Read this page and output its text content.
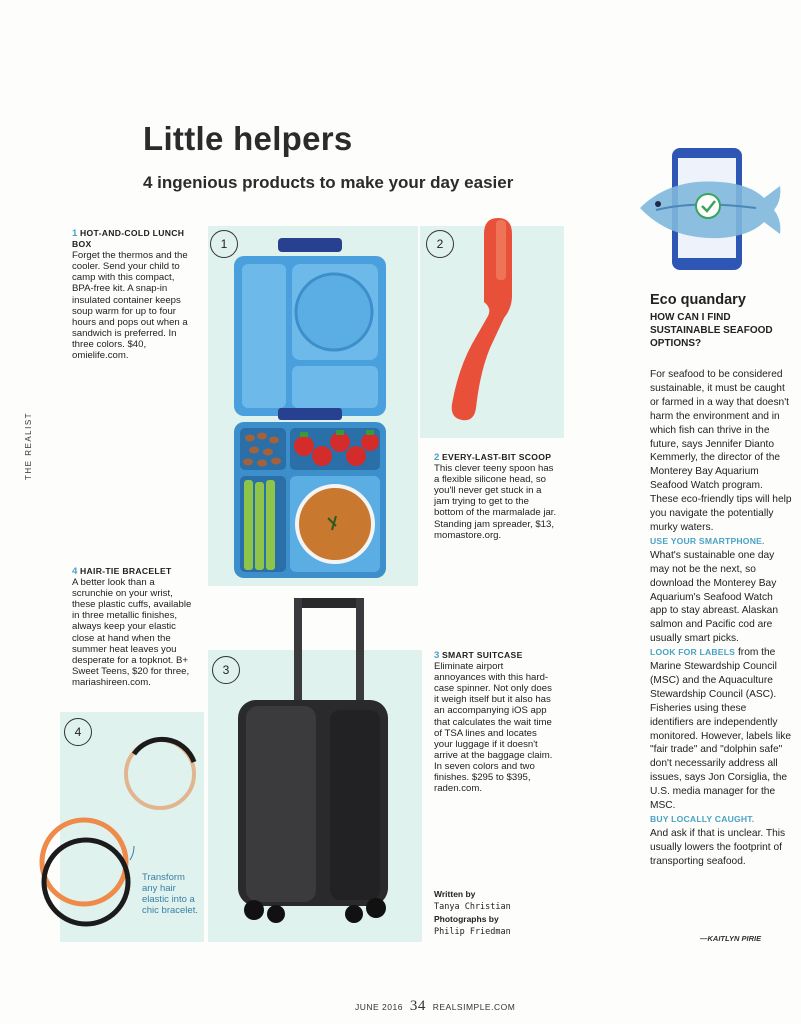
Little helpers
4 ingenious products to make your day easier
THE REALIST
1	2
3
4
Transform any hair elastic into a chic bracelet.
1 HOT-AND-COLD LUNCH BOX
Forget the thermos and the cooler. Send your child to camp with this compact, BPA-free kit. A snap-in insulated container keeps soup warm for up to four hours and pops out when a sandwich is preferred. In three colors. $40, omielife.com.
2 EVERY-LAST-BIT SCOOP
This clever teeny spoon has a flexible silicone head, so you'll never get stuck in a jam trying to get to the bottom of the marmalade jar. Standing jam spreader, $13, momastore.org.
3 SMART SUITCASE
Eliminate airport annoyances with this hard-case spinner. Not only does it weigh itself but it also has an accompanying iOS app that calculates the wait time of TSA lines and locates your luggage if it doesn't arrive at the baggage claim. In seven colors and two finishes. $295 to $395, raden.com.
4 HAIR-TIE BRACELET
A better look than a scrunchie on your wrist, these plastic cuffs, available in three metallic finishes, always keep your elastic close at hand when the summer heat leaves you desperate for a topknot. B+ Sweet Teens, $20 for three, mariashireen.com.
Written by
Tanya Christian
Photographs by
Philip Friedman
Eco quandary
HOW CAN I FIND SUSTAINABLE SEAFOOD OPTIONS?
For seafood to be considered sustainable, it must be caught or farmed in a way that doesn't harm the environment and in which fish can thrive in the future, says Jennifer Dianto Kemmerly, the director of the Monterey Bay Aquarium Seafood Watch program. These eco-friendly tips will help you navigate the potentially murky waters.
USE YOUR SMARTPHONE.
What's sustainable one day may not be the next, so download the Monterey Bay Aquarium's Seafood Watch app to stay abreast. Alaskan salmon and Pacific cod are usually smart picks.
LOOK FOR LABELS from the Marine Stewardship Council (MSC) and the Aquaculture Stewardship Council (ASC). Fisheries using these identifiers are independently monitored. However, labels like "fair trade" and "dolphin safe" don't necessarily address all issues, says Jon Corsiglia, the U.S. media manager for the MSC.
BUY LOCALLY CAUGHT.
And ask if that is unclear. This usually lowers the footprint of transporting seafood.
—KAITLYN PIRIE
JUNE 2016 34 REALSIMPLE.COM
